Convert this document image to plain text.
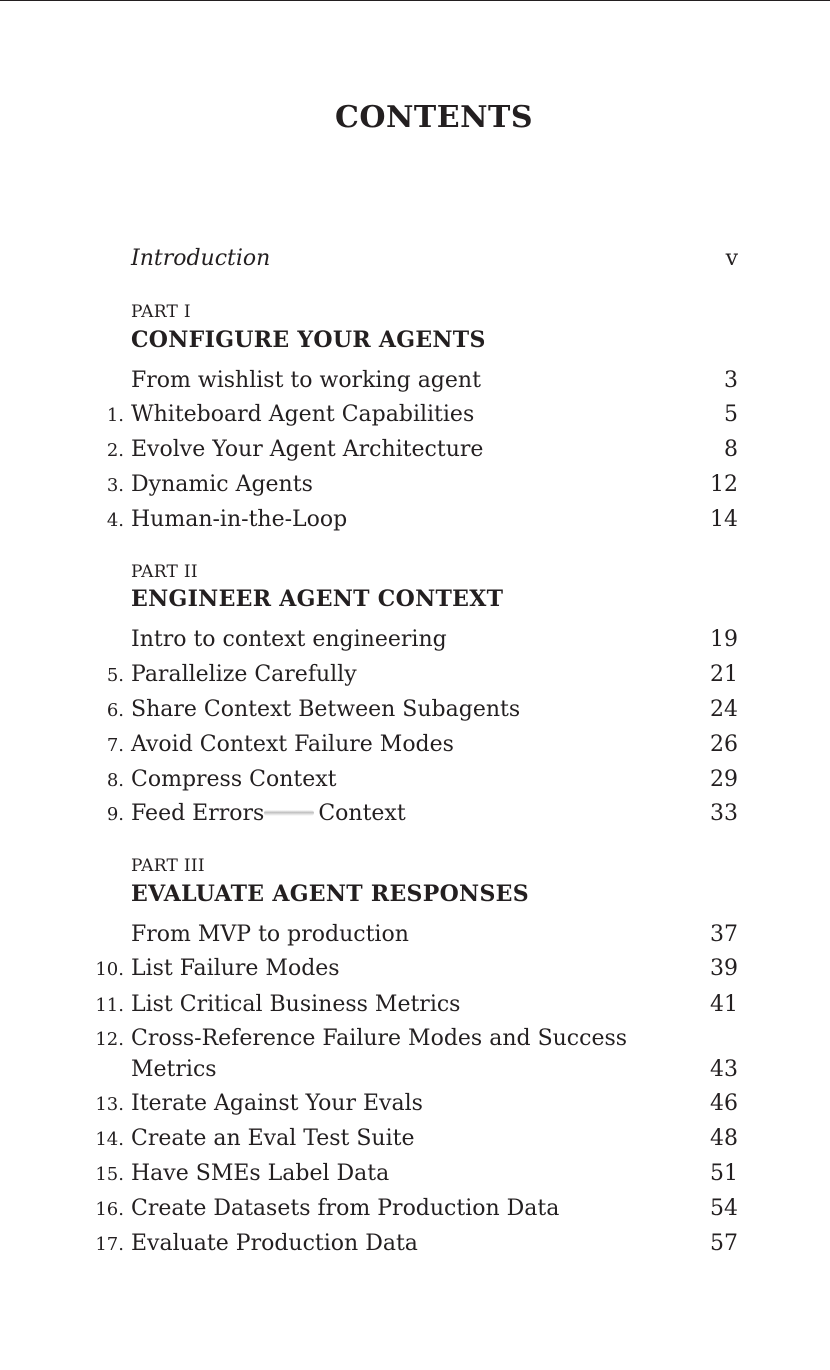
CONTENTS
Introduction	v
PART I
CONFIGURE YOUR AGENTS
From wishlist to working agent	3
1. Whiteboard Agent Capabilities	5
2. Evolve Your Agent Architecture	8
3. Dynamic Agents	12
4. Human-in-the-Loop	14
PART II
ENGINEER AGENT CONTEXT
Intro to context engineering	19
5. Parallelize Carefully	21
6. Share Context Between Subagents	24
7. Avoid Context Failure Modes	26
8. Compress Context	29
9. Feed Errors Context	33
PART III
EVALUATE AGENT RESPONSES
From MVP to production	37
10. List Failure Modes	39
11. List Critical Business Metrics	41
12. Cross-Reference Failure Modes and Success Metrics	43
13. Iterate Against Your Evals	46
14. Create an Eval Test Suite	48
15. Have SMEs Label Data	51
16. Create Datasets from Production Data	54
17. Evaluate Production Data	57
